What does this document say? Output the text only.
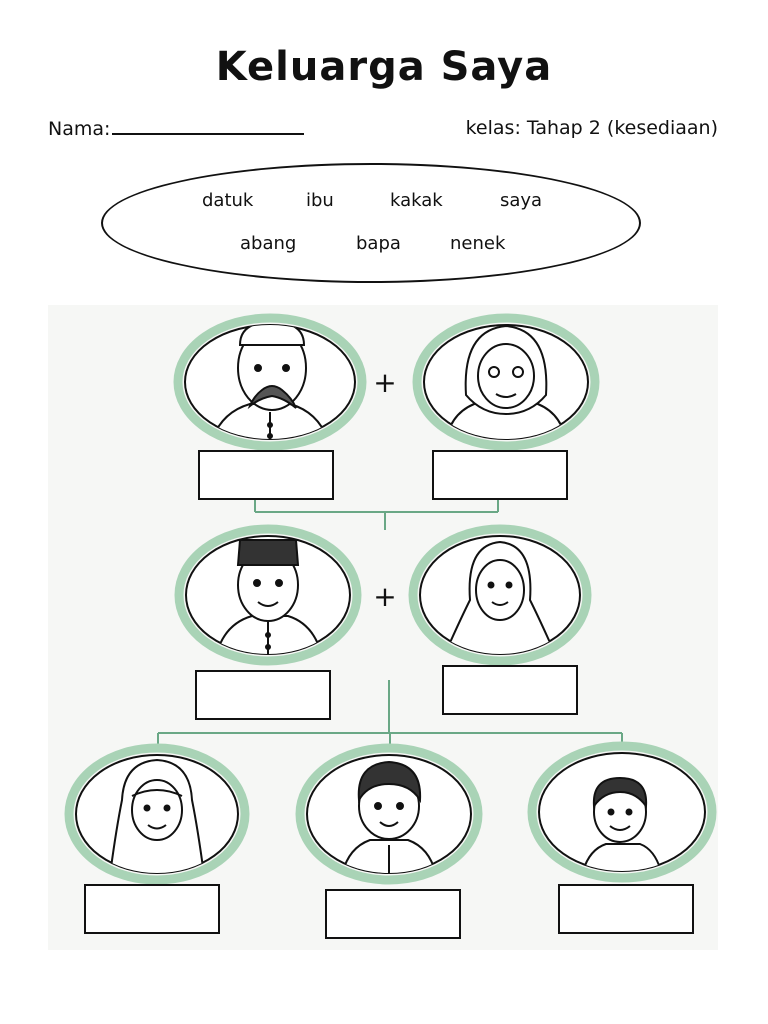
Keluarga Saya
Nama:	kelas: Tahap 2 (kesediaan)
datuk	ibu	kakak	saya
abang	bapa	nenek
+
+
